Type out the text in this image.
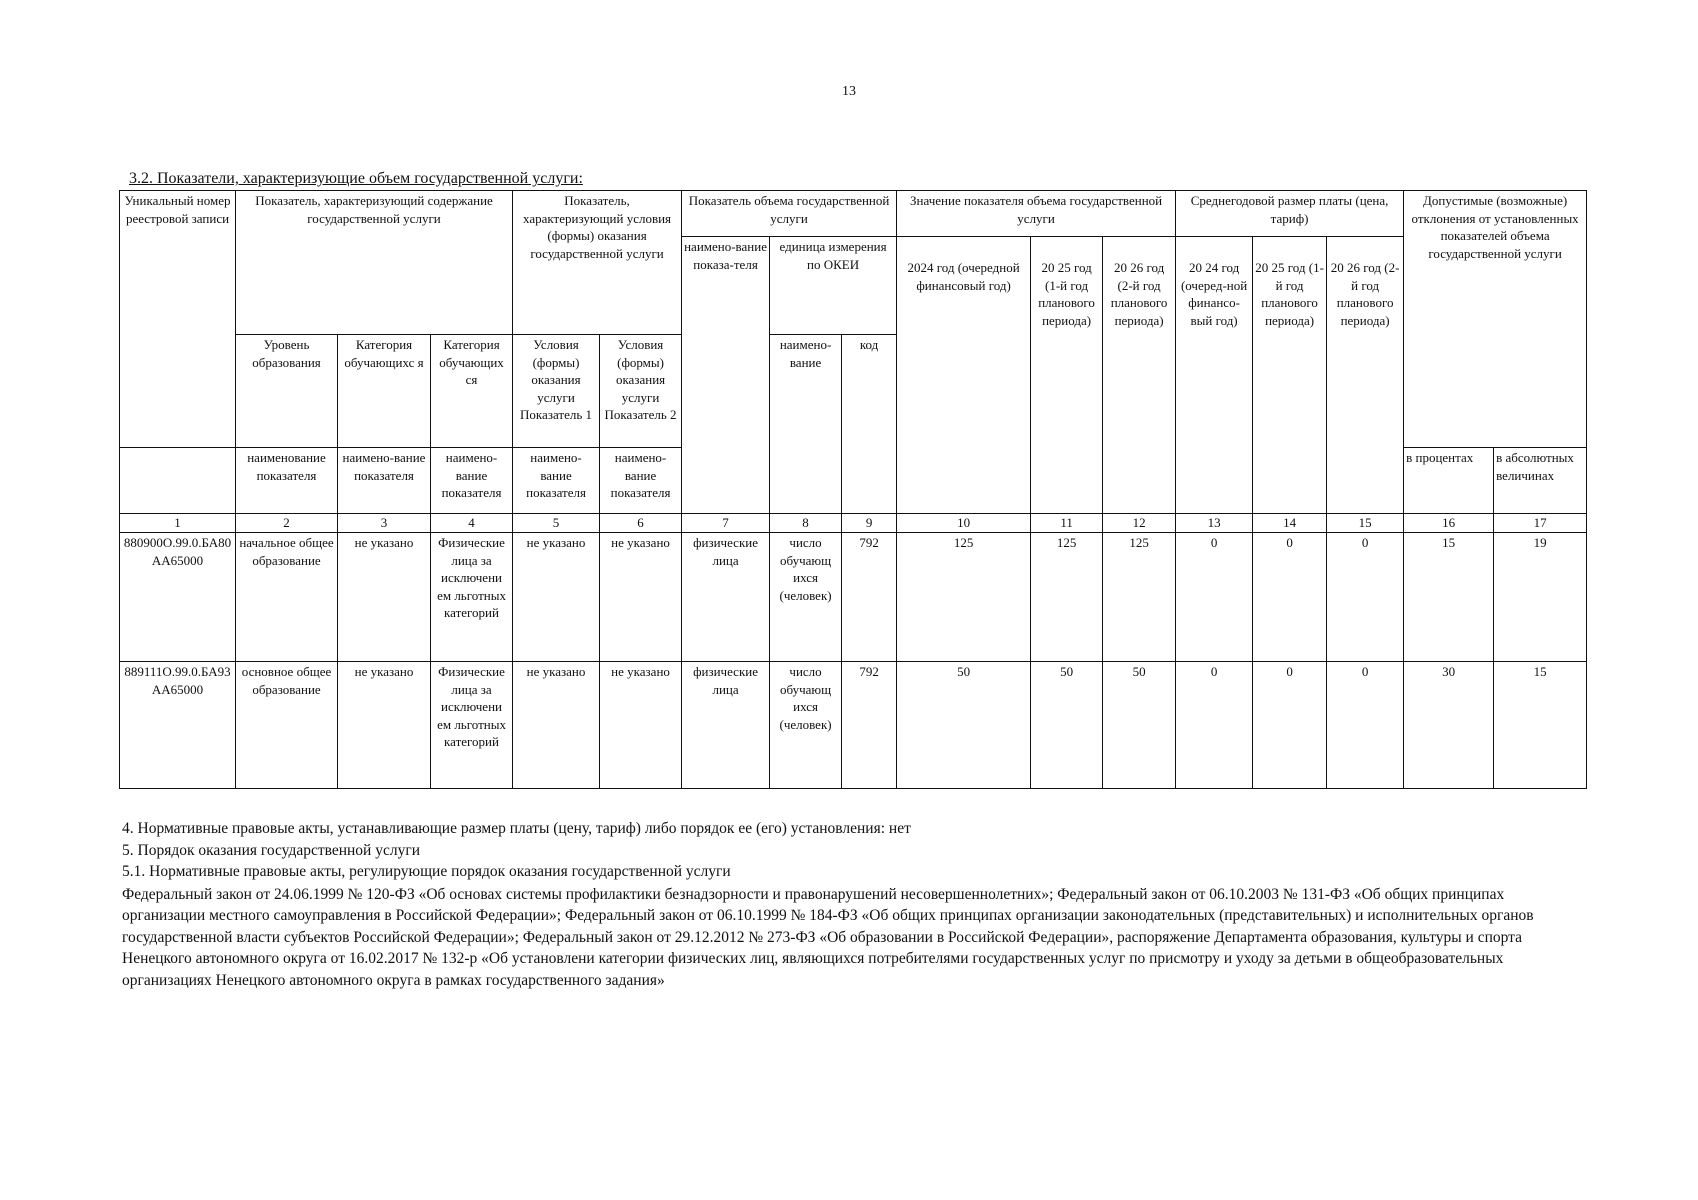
13
3.2. Показатели, характеризующие объем государственной услуги:
Уникальный номер реестровой записи	Показатель, характеризующий содержание государственной услуги			Показатель, характеризующий условия (формы) оказания государственной услуги		Показатель объема государственной услуги			Значение показателя объема государственной услуги			Среднегодовой размер платы (цена, тариф)			Допустимые (возможные) отклонения от установленных показателей объема государственной услуги	
						наимено-вание показа-теля	единица измерения по ОКЕИ		2024 год (очередной финансовый год)	20 25 год (1-й год планового периода)	20 26 год (2-й год планового периода)	20 24 год (очеред-ной финансо-вый год)	20 25 год (1-й год планового периода)	20 26 год (2-й год планового периода)		
	Уровень образования	Категория обучающихс я	Категория обучающих ся	Условия (формы) оказания услуги Показатель 1	Условия (формы) оказания услуги Показатель 2		наимено-вание	код								
	наименование показателя	наимено-вание показателя	наимено-вание показателя	наимено-вание показателя	наимено-вание показателя										в процентах	в абсолютных величинах
1	2	3	4	5	6	7	8	9	10	11	12	13	14	15	16	17
880900О.99.0.БА80АА65000	начальное общее образование	не указано	Физические лица за исключени ем льготных категорий	не указано	не указано	физические лица	число обучающ ихся (человек)	792	125	125	125	0	0	0	15	19
889111О.99.0.БА93АА65000	основное общее образование	не указано	Физические лица за исключени ем льготных категорий	не указано	не указано	физические лица	число обучающ ихся (человек)	792	50	50	50	0	0	0	30	15

4. Нормативные правовые акты, устанавливающие размер платы (цену, тариф) либо порядок ее (его) установления: нет

5. Порядок оказания государственной услуги

5.1. Нормативные правовые акты, регулирующие порядок оказания государственной услуги

Федеральный закон от 24.06.1999 № 120-ФЗ «Об основах системы профилактики безнадзорности и правонарушений несовершеннолетних»; Федеральный закон от 06.10.2003 № 131-ФЗ «Об общих принципах организации местного самоуправления в Российской Федерации»; Федеральный закон от 06.10.1999 № 184-ФЗ «Об общих принципах организации законодательных (представительных) и исполнительных органов государственной власти субъектов Российской Федерации»; Федеральный закон от 29.12.2012 № 273-ФЗ «Об образовании в Российской Федерации», распоряжение Департамента образования, культуры и спорта Ненецкого автономного округа от 16.02.2017 № 132-р «Об установлени категории физических лиц, являющихся потребителями государственных услуг по присмотру и уходу за детьми в общеобразовательных организациях Ненецкого автономного округа в рамках государственного задания»
